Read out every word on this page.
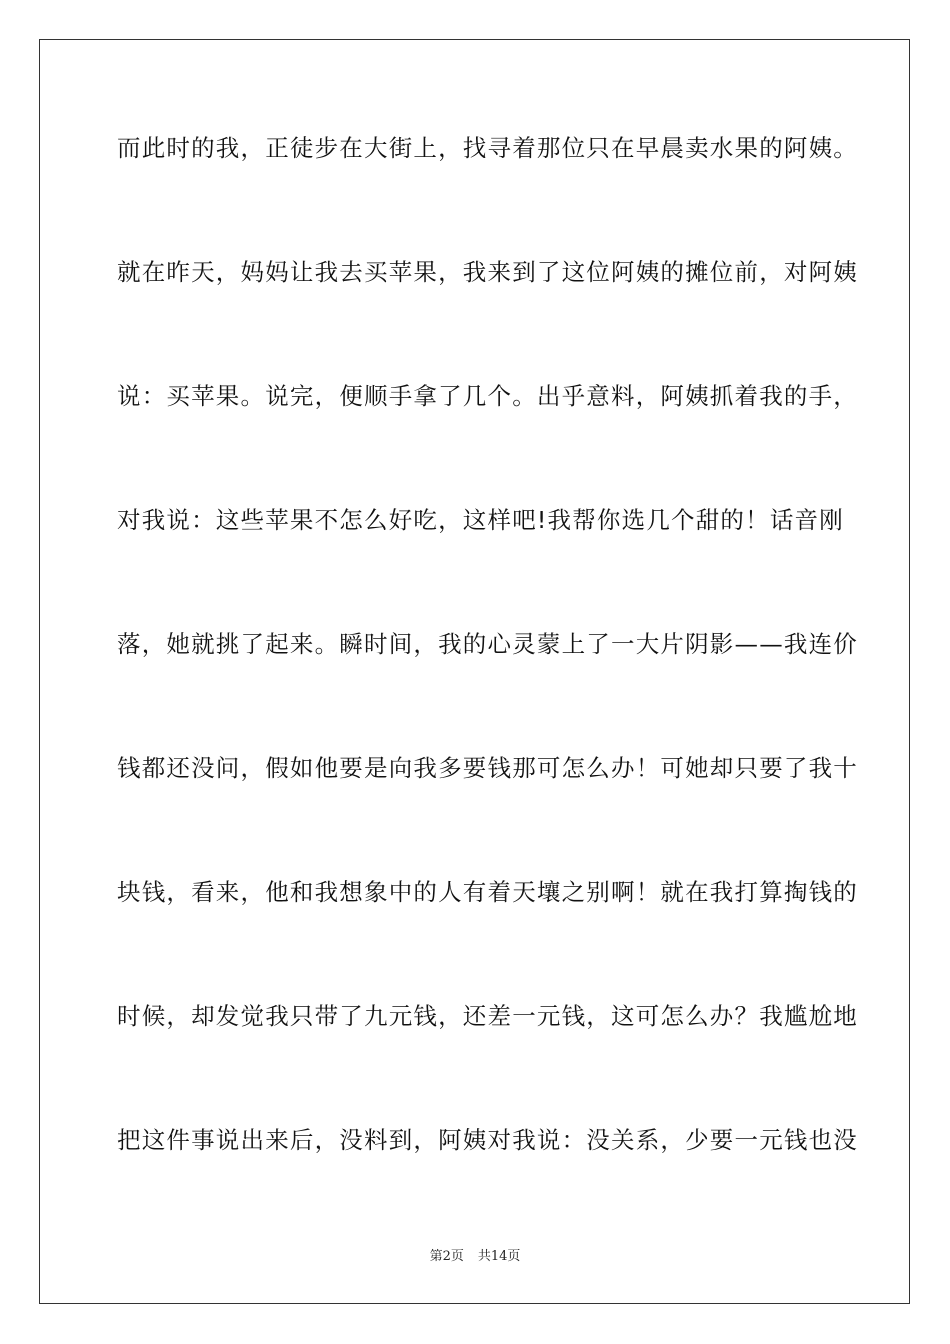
而此时的我，正徒步在大街上，找寻着那位只在早晨卖水果的阿姨。
就在昨天，妈妈让我去买苹果，我来到了这位阿姨的摊位前，对阿姨
说：买苹果。说完，便顺手拿了几个。出乎意料，阿姨抓着我的手，
对我说：这些苹果不怎么好吃，这样吧!我帮你选几个甜的！话音刚
落，她就挑了起来。瞬时间，我的心灵蒙上了一大片阴影——我连价
钱都还没问，假如他要是向我多要钱那可怎么办！可她却只要了我十
块钱，看来，他和我想象中的人有着天壤之别啊！就在我打算掏钱的
时候，却发觉我只带了九元钱，还差一元钱，这可怎么办？我尴尬地
把这件事说出来后，没料到，阿姨对我说：没关系，少要一元钱也没
第2页 共14页
